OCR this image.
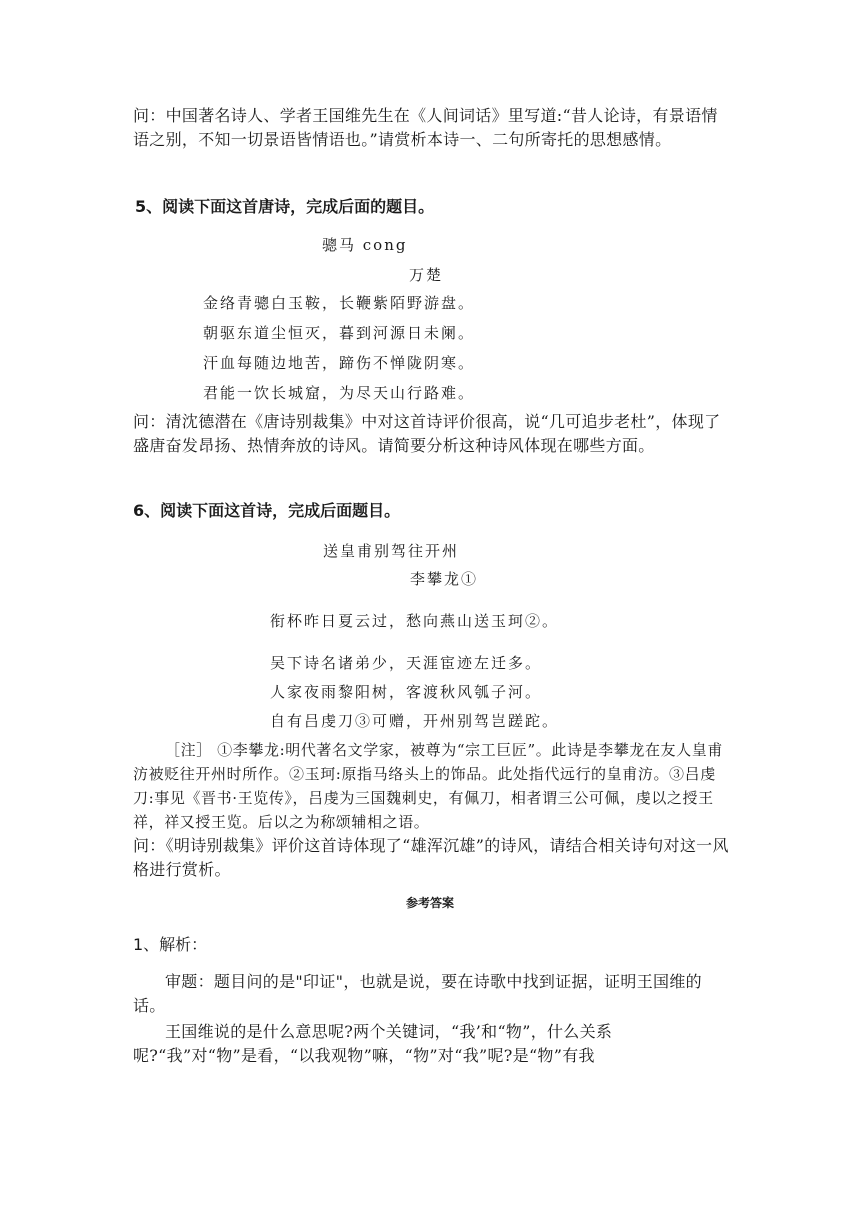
问：中国著名诗人、学者王国维先生在《人间词话》里写道:“昔人论诗，有景语情语之别，不知一切景语皆情语也。”请赏析本诗一、二句所寄托的思想感情。

5、阅读下面这首唐诗，完成后面的题目。

骢马 cong

万楚

金络青骢白玉鞍，长鞭紫陌野游盘。

朝驱东道尘恒灭，暮到河源日未阑。

汗血每随边地苦，蹄伤不惮陇阴寒。

君能一饮长城窟，为尽天山行路难。

问：清沈德潜在《唐诗别裁集》中对这首诗评价很高，说“几可追步老杜”，体现了盛唐奋发昂扬、热情奔放的诗风。请简要分析这种诗风体现在哪些方面。

6、阅读下面这首诗，完成后面题目。

送皇甫别驾往开州

李攀龙①

衔杯昨日夏云过，愁向燕山送玉珂②。

吴下诗名诸弟少，天涯宦迹左迁多。

人家夜雨黎阳树，客渡秋风瓠子河。

自有吕虔刀③可赠，开州别驾岂蹉跎。

［注］ ①李攀龙:明代著名文学家，被尊为“宗工巨匠”。此诗是李攀龙在友人皇甫汸被贬往开州时所作。②玉珂:原指马络头上的饰品。此处指代远行的皇甫汸。③吕虔刀:事见《晋书·王览传》，吕虔为三国魏刺史，有佩刀，相者谓三公可佩，虔以之授王祥，祥又授王览。后以之为称颂辅相之语。

问：《明诗别裁集》评价这首诗体现了“雄浑沉雄”的诗风，请结合相关诗句对这一风格进行赏析。

参考答案

1、解析：

审题：题目问的是"印证"，也就是说，要在诗歌中找到证据，证明王国维的话。

王国维说的是什么意思呢?两个关键词，“我’和“物”，什么关系呢?“我”对“物”是看，“以我观物”嘛，“物”对“我”呢?是“物”有我
